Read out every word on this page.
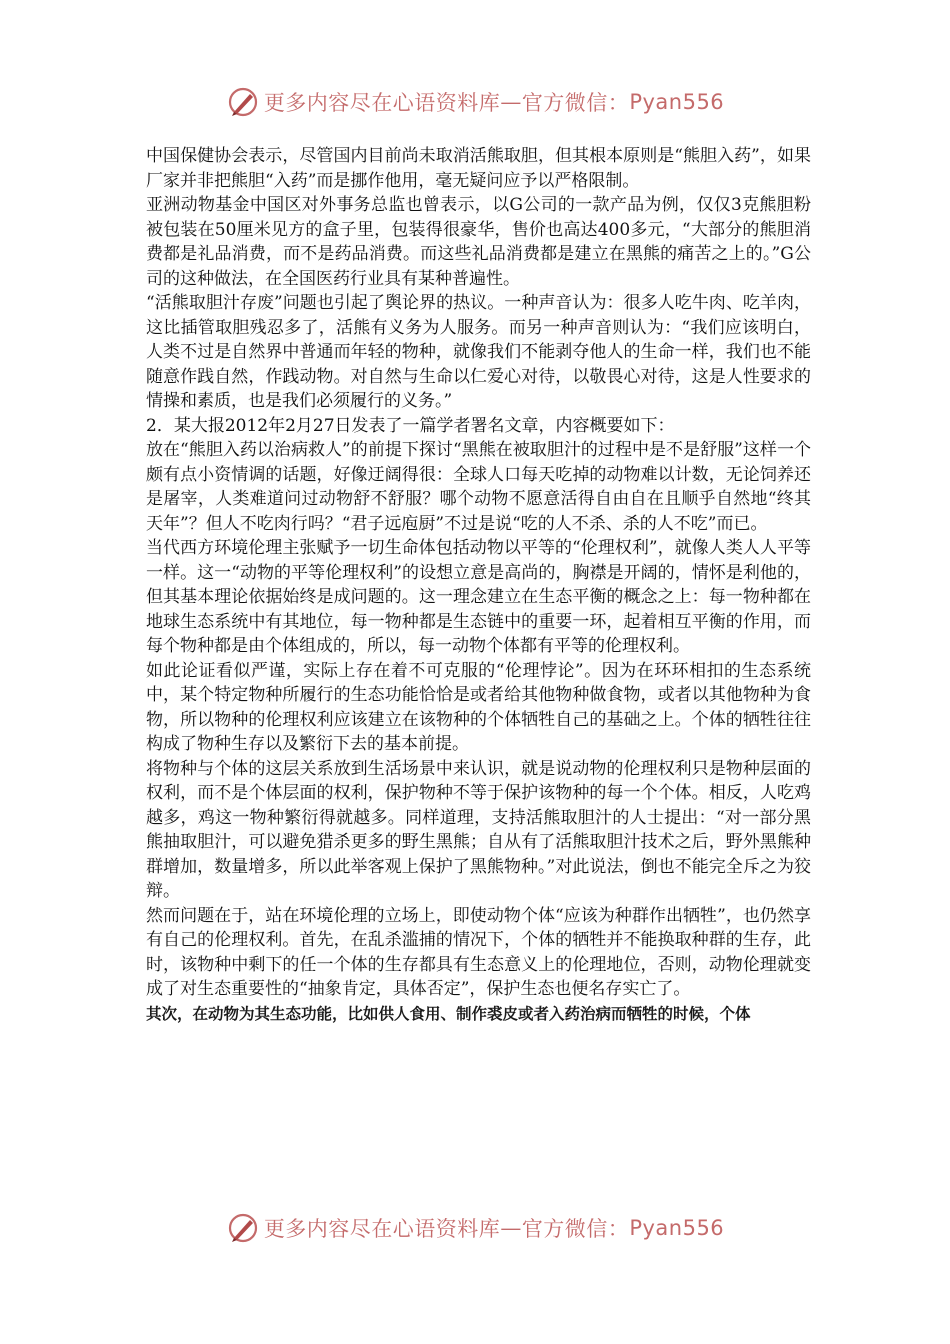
更多内容尽在心语资料库 — 官方微信： Pyan556

中国保健协会表示，尽管国内目前尚未取消活熊取胆，但其根本原则是“熊胆入药”，如果厂家并非把熊胆“入药”而是挪作他用，毫无疑问应予以严格限制。

亚洲动物基金中国区对外事务总监也曾表示，以G公司的一款产品为例，仅仅3克熊胆粉被包装在50厘米见方的盒子里，包装得很豪华，售价也高达400多元，“大部分的熊胆消费都是礼品消费，而不是药品消费。而这些礼品消费都是建立在黑熊的痛苦之上的。”G公司的这种做法，在全国医药行业具有某种普遍性。

“活熊取胆汁存废”问题也引起了舆论界的热议。一种声音认为：很多人吃牛肉、吃羊肉，这比插管取胆残忍多了，活熊有义务为人服务。而另一种声音则认为：“我们应该明白，人类不过是自然界中普通而年轻的物种，就像我们不能剥夺他人的生命一样，我们也不能随意作践自然，作践动物。对自然与生命以仁爱心对待，以敬畏心对待，这是人性要求的情操和素质，也是我们必须履行的义务。”

2．某大报2012年2月27日发表了一篇学者署名文章，内容概要如下：

放在“熊胆入药以治病救人”的前提下探讨“黑熊在被取胆汁的过程中是不是舒服”这样一个颇有点小资情调的话题，好像迂阔得很：全球人口每天吃掉的动物难以计数，无论饲养还是屠宰，人类难道问过动物舒不舒服？哪个动物不愿意活得自由自在且顺乎自然地“终其天年”？但人不吃肉行吗？“君子远庖厨”不过是说“吃的人不杀、杀的人不吃”而已。

当代西方环境伦理主张赋予一切生命体包括动物以平等的“伦理权利”，就像人类人人平等一样。这一“动物的平等伦理权利”的设想立意是高尚的，胸襟是开阔的，情怀是利他的，但其基本理论依据始终是成问题的。这一理念建立在生态平衡的概念之上：每一物种都在地球生态系统中有其地位，每一物种都是生态链中的重要一环，起着相互平衡的作用，而每个物种都是由个体组成的，所以，每一动物个体都有平等的伦理权利。

如此论证看似严谨，实际上存在着不可克服的“伦理悖论”。因为在环环相扣的生态系统中，某个特定物种所履行的生态功能恰恰是或者给其他物种做食物，或者以其他物种为食物，所以物种的伦理权利应该建立在该物种的个体牺牲自己的基础之上。个体的牺牲往往构成了物种生存以及繁衍下去的基本前提。

将物种与个体的这层关系放到生活场景中来认识，就是说动物的伦理权利只是物种层面的权利，而不是个体层面的权利，保护物种不等于保护该物种的每一个个体。相反，人吃鸡越多，鸡这一物种繁衍得就越多。同样道理，支持活熊取胆汁的人士提出：“对一部分黑熊抽取胆汁，可以避免猎杀更多的野生黑熊；自从有了活熊取胆汁技术之后，野外黑熊种群增加，数量增多，所以此举客观上保护了黑熊物种。”对此说法，倒也不能完全斥之为狡辩。

然而问题在于，站在环境伦理的立场上，即使动物个体“应该为种群作出牺牲”，也仍然享有自己的伦理权利。首先，在乱杀滥捕的情况下，个体的牺牲并不能换取种群的生存，此时，该物种中剩下的任一个体的生存都具有生态意义上的伦理地位，否则，动物伦理就变成了对生态重要性的“抽象肯定，具体否定”，保护生态也便名存实亡了。

其次，在动物为其生态功能，比如供人食用、制作裘皮或者入药治病而牺牲的时候，个体

更多内容尽在心语资料库 — 官方微信： Pyan556
